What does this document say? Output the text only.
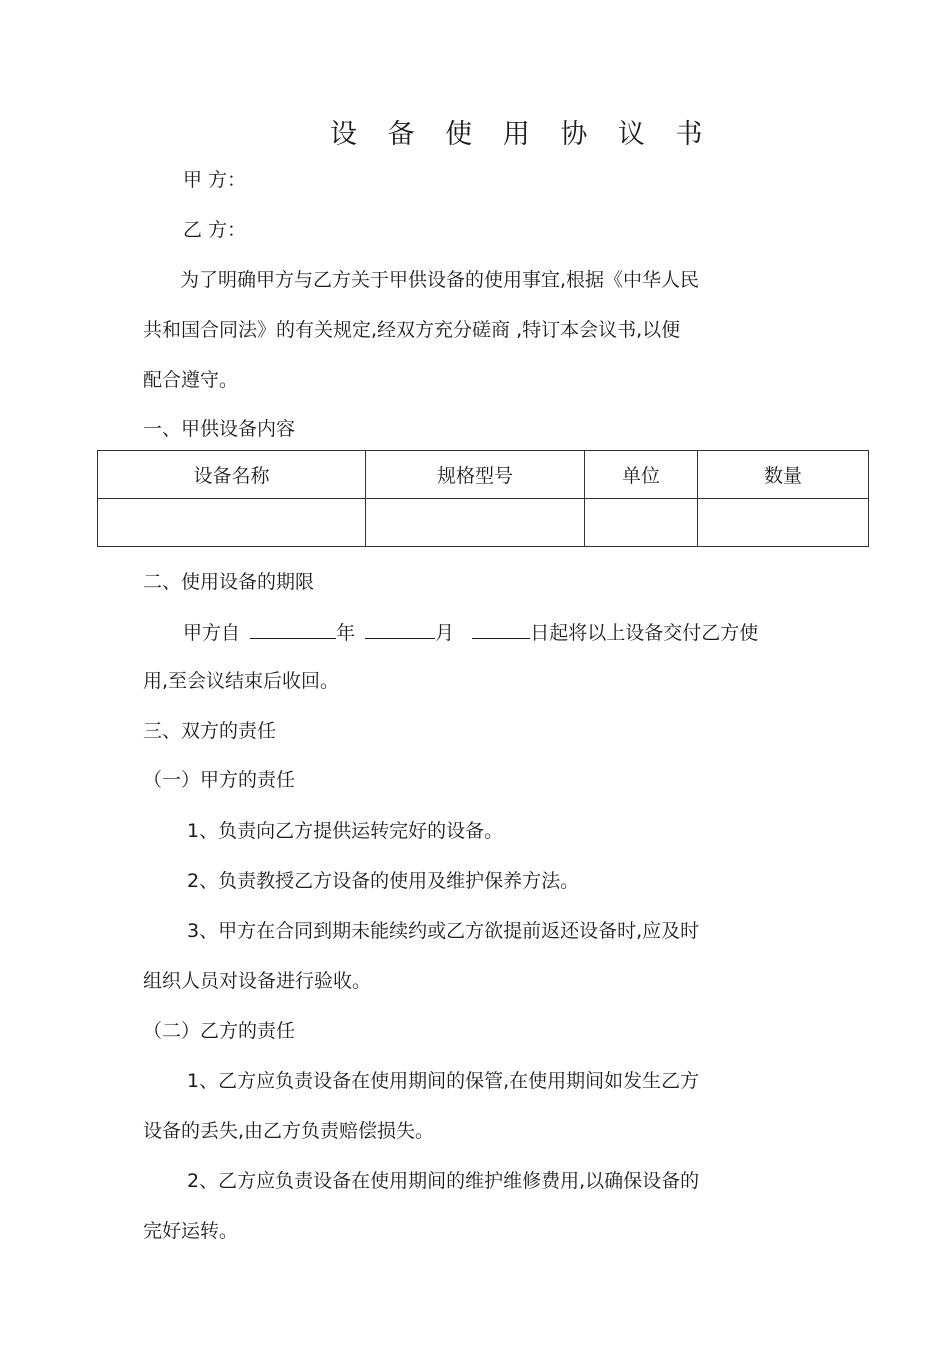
设 备 使 用 协 议 书
甲 方：
乙 方：
为了明确甲方与乙方关于甲供设备的使用事宜,根据《中华人民
共和国合同法》的有关规定,经双方充分磋商 ,特订本会议书,以便
配合遵守。
一、甲供设备内容
设备名称	规格型号	单位	数量

二、使用设备的期限
甲方自	年	月	日起将以上设备交付乙方使
用,至会议结束后收回。
三、双方的责任
（一）甲方的责任
1、负责向乙方提供运转完好的设备。
2、负责教授乙方设备的使用及维护保养方法。
3、甲方在合同到期未能续约或乙方欲提前返还设备时,应及时
组织人员对设备进行验收。
（二）乙方的责任
1、乙方应负责设备在使用期间的保管,在使用期间如发生乙方
设备的丢失,由乙方负责赔偿损失。
2、乙方应负责设备在使用期间的维护维修费用,以确保设备的
完好运转。
